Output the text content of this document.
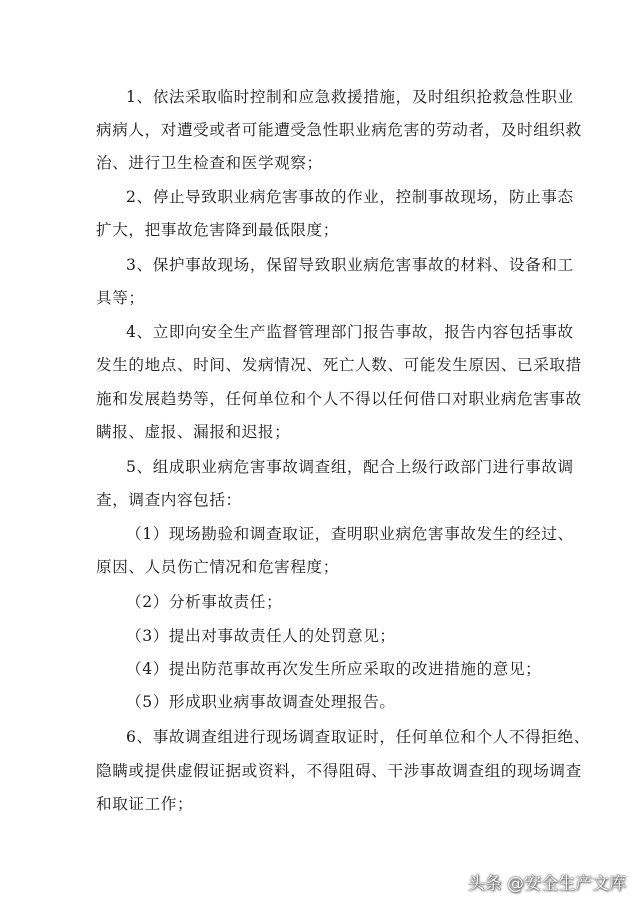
1、依法采取临时控制和应急救援措施，及时组织抢救急性职业
病病人，对遭受或者可能遭受急性职业病危害的劳动者，及时组织救
治、进行卫生检查和医学观察；
2、停止导致职业病危害事故的作业，控制事故现场，防止事态
扩大，把事故危害降到最低限度；
3、保护事故现场，保留导致职业病危害事故的材料、设备和工
具等；
4、立即向安全生产监督管理部门报告事故，报告内容包括事故
发生的地点、时间、发病情况、死亡人数、可能发生原因、已采取措
施和发展趋势等，任何单位和个人不得以任何借口对职业病危害事故
瞒报、虚报、漏报和迟报；
5、组成职业病危害事故调查组，配合上级行政部门进行事故调
查，调查内容包括：
（1）现场勘验和调查取证，查明职业病危害事故发生的经过、
原因、人员伤亡情况和危害程度；
（2）分析事故责任；
（3）提出对事故责任人的处罚意见；
（4）提出防范事故再次发生所应采取的改进措施的意见；
（5）形成职业病事故调查处理报告。
6、事故调查组进行现场调查取证时，任何单位和个人不得拒绝、
隐瞒或提供虚假证据或资料，不得阻碍、干涉事故调查组的现场调查
和取证工作；
头条 @安全生产文库
